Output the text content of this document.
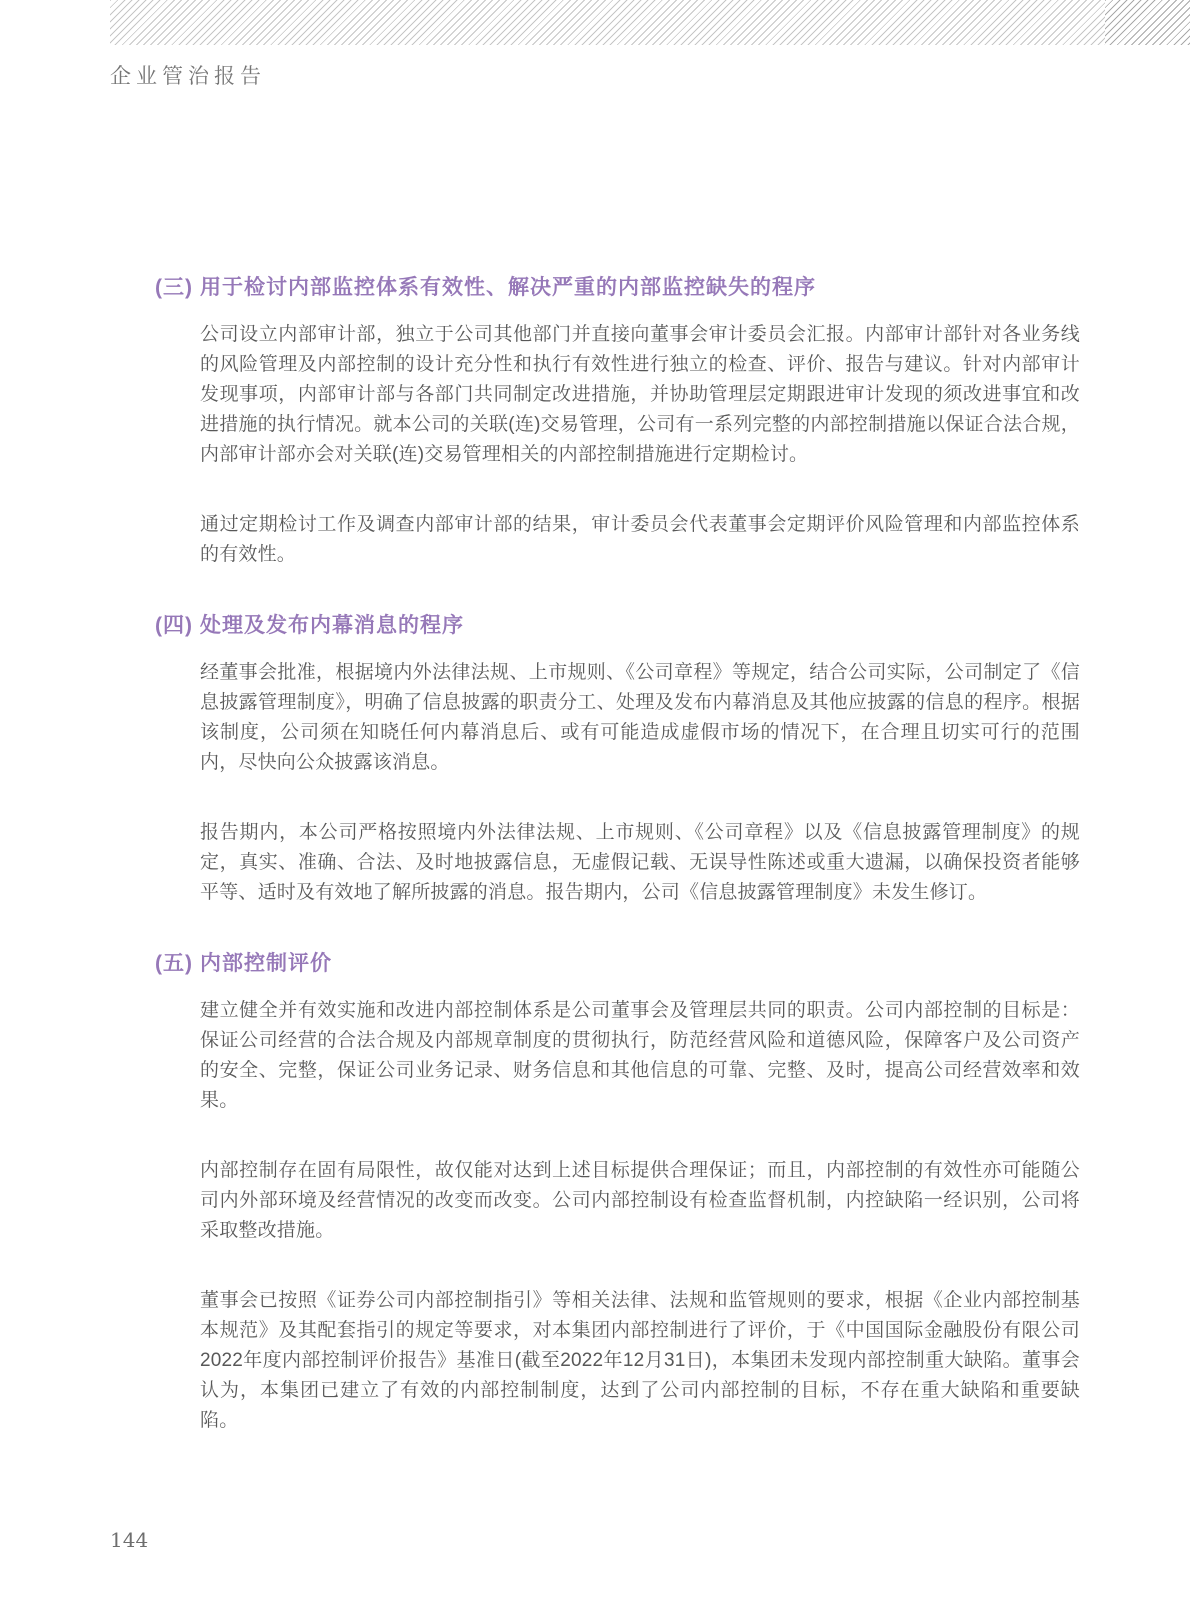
企业管治报告
(三) 用于检讨内部监控体系有效性、解决严重的内部监控缺失的程序

公司设立内部审计部，独立于公司其他部门并直接向董事会审计委员会汇报。内部审计部针对各业务线的风险管理及内部控制的设计充分性和执行有效性进行独立的检查、评价、报告与建议。针对内部审计发现事项，内部审计部与各部门共同制定改进措施，并协助管理层定期跟进审计发现的须改进事宜和改进措施的执行情况。就本公司的关联(连)交易管理，公司有一系列完整的内部控制措施以保证合法合规，内部审计部亦会对关联(连)交易管理相关的内部控制措施进行定期检讨。

通过定期检讨工作及调查内部审计部的结果，审计委员会代表董事会定期评价风险管理和内部监控体系的有效性。

(四) 处理及发布内幕消息的程序

经董事会批准，根据境内外法律法规、上市规则、《公司章程》等规定，结合公司实际，公司制定了《信息披露管理制度》，明确了信息披露的职责分工、处理及发布内幕消息及其他应披露的信息的程序。根据该制度，公司须在知晓任何内幕消息后、或有可能造成虚假市场的情况下，在合理且切实可行的范围内，尽快向公众披露该消息。

报告期内，本公司严格按照境内外法律法规、上市规则、《公司章程》以及《信息披露管理制度》的规定，真实、准确、合法、及时地披露信息，无虚假记载、无误导性陈述或重大遗漏，以确保投资者能够平等、适时及有效地了解所披露的消息。报告期内，公司《信息披露管理制度》未发生修订。

(五) 内部控制评价

建立健全并有效实施和改进内部控制体系是公司董事会及管理层共同的职责。公司内部控制的目标是：保证公司经营的合法合规及内部规章制度的贯彻执行，防范经营风险和道德风险，保障客户及公司资产的安全、完整，保证公司业务记录、财务信息和其他信息的可靠、完整、及时，提高公司经营效率和效果。

内部控制存在固有局限性，故仅能对达到上述目标提供合理保证；而且，内部控制的有效性亦可能随公司内外部环境及经营情况的改变而改变。公司内部控制设有检查监督机制，内控缺陷一经识别，公司将采取整改措施。

董事会已按照《证券公司内部控制指引》等相关法律、法规和监管规则的要求，根据《企业内部控制基本规范》及其配套指引的规定等要求，对本集团内部控制进行了评价，于《中国国际金融股份有限公司2022年度内部控制评价报告》基准日(截至2022年12月31日)，本集团未发现内部控制重大缺陷。董事会认为，本集团已建立了有效的内部控制制度，达到了公司内部控制的目标，不存在重大缺陷和重要缺陷。

144
